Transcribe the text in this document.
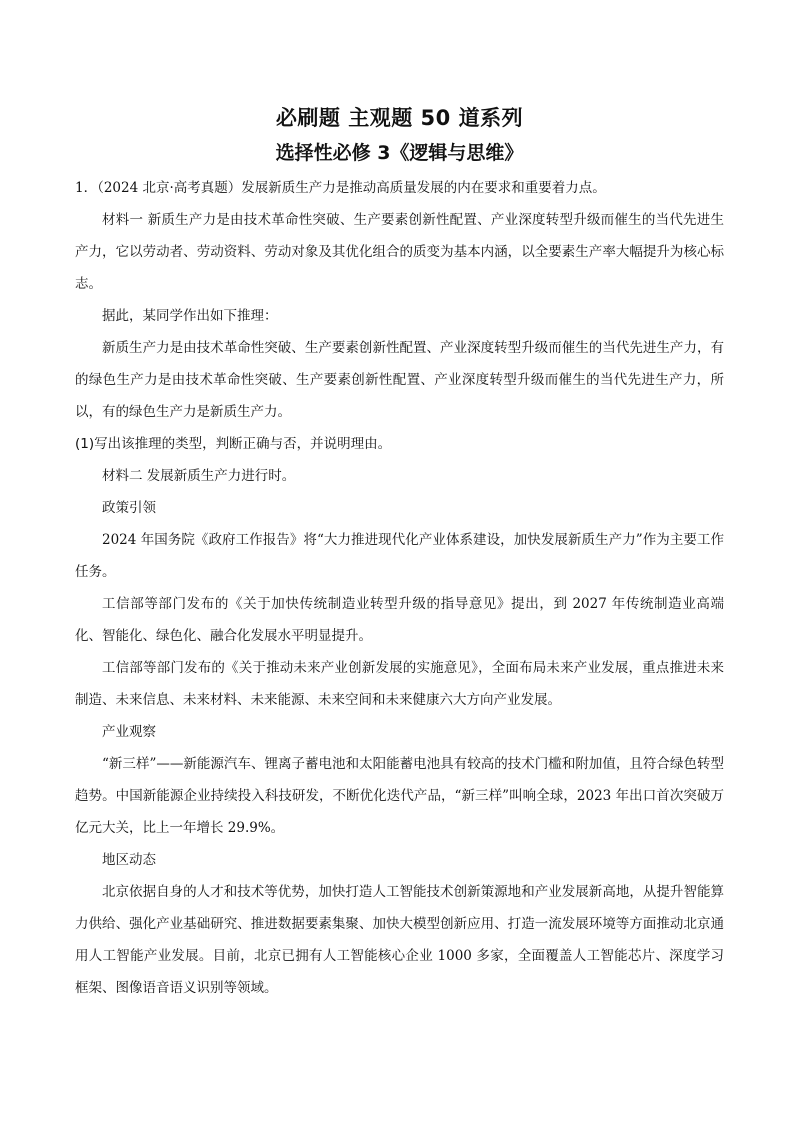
必刷题 主观题 50 道系列
选择性必修 3《逻辑与思维》

1．（2024 北京·高考真题）发展新质生产力是推动高质量发展的内在要求和重要着力点。

材料一 新质生产力是由技术革命性突破、生产要素创新性配置、产业深度转型升级而催生的当代先进生产力，它以劳动者、劳动资料、劳动对象及其优化组合的质变为基本内涵，以全要素生产率大幅提升为核心标志。

据此，某同学作出如下推理：

新质生产力是由技术革命性突破、生产要素创新性配置、产业深度转型升级而催生的当代先进生产力，有的绿色生产力是由技术革命性突破、生产要素创新性配置、产业深度转型升级而催生的当代先进生产力，所以，有的绿色生产力是新质生产力。

(1)写出该推理的类型，判断正确与否，并说明理由。

材料二 发展新质生产力进行时。

政策引领

2024 年国务院《政府工作报告》将“大力推进现代化产业体系建设，加快发展新质生产力”作为主要工作任务。

工信部等部门发布的《关于加快传统制造业转型升级的指导意见》提出，到 2027 年传统制造业高端化、智能化、绿色化、融合化发展水平明显提升。

工信部等部门发布的《关于推动未来产业创新发展的实施意见》，全面布局未来产业发展，重点推进未来制造、未来信息、未来材料、未来能源、未来空间和未来健康六大方向产业发展。

产业观察

“新三样”——新能源汽车、锂离子蓄电池和太阳能蓄电池具有较高的技术门槛和附加值，且符合绿色转型趋势。中国新能源企业持续投入科技研发，不断优化迭代产品，“新三样”叫响全球，2023 年出口首次突破万亿元大关，比上一年增长 29.9%。

地区动态

北京依据自身的人才和技术等优势，加快打造人工智能技术创新策源地和产业发展新高地，从提升智能算力供给、强化产业基础研究、推进数据要素集聚、加快大模型创新应用、打造一流发展环境等方面推动北京通用人工智能产业发展。目前，北京已拥有人工智能核心企业 1000 多家，全面覆盖人工智能芯片、深度学习框架、图像语音语义识别等领域。
